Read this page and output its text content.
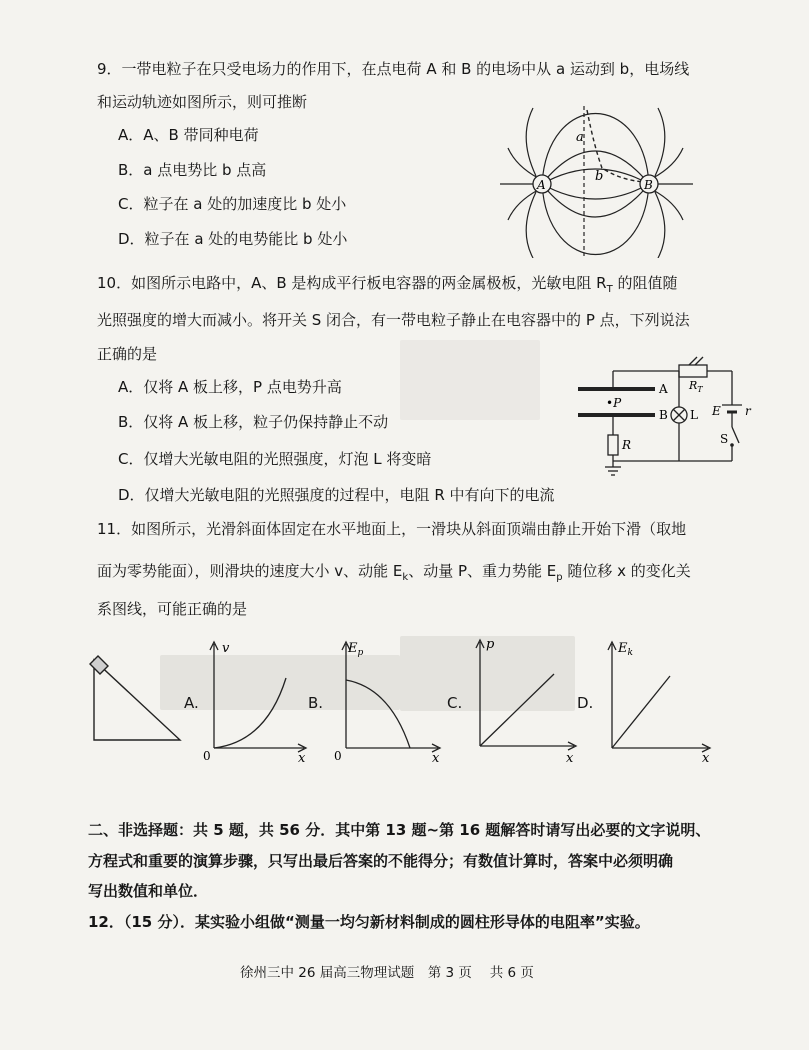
9．一带电粒子在只受电场力的作用下，在点电荷 A 和 B 的电场中从 a 运动到 b，电场线
和运动轨迹如图所示，则可推断
A．A、B 带同种电荷
B．a 点电势比 b 点高
C．粒子在 a 处的加速度比 b 处小
D．粒子在 a 处的电势能比 b 处小
A	B
a
b
10．如图所示电路中，A、B 是构成平行板电容器的两金属极板，光敏电阻 $R_T$ 的阻值随
光照强度的增大而减小。将开关 S 闭合，有一带电粒子静止在电容器中的 P 点，下列说法
正确的是
A．仅将 A 板上移，P 点电势升高
B．仅将 A 板上移，粒子仍保持静止不动
C．仅增大光敏电阻的光照强度，灯泡 L 将变暗
D．仅增大光敏电阻的光照强度的过程中，电阻 R 中有向下的电流
A
B
•P
R
$R_T$
L E r
S
11．如图所示，光滑斜面体固定在水平地面上，一滑块从斜面顶端由静止开始下滑（取地
面为零势能面），则滑块的速度大小 v、动能 $E_k$、动量 P、重力势能 $E_p$ 随位移 x 的变化关
系图线，可能正确的是
A.
v
0	x
B.
$E_p$
0	x
C.
p
x
D.
$E_k$
x
二、非选择题：共 5 题，共 56 分．其中第 13 题~第 16 题解答时请写出必要的文字说明、
方程式和重要的演算步骤，只写出最后答案的不能得分；有数值计算时，答案中必须明确
写出数值和单位．
12．（15 分）．某实验小组做“测量一均匀新材料制成的圆柱形导体的电阻率”实验。
徐州三中 26 届高三物理试题　第 3 页　 共 6 页
